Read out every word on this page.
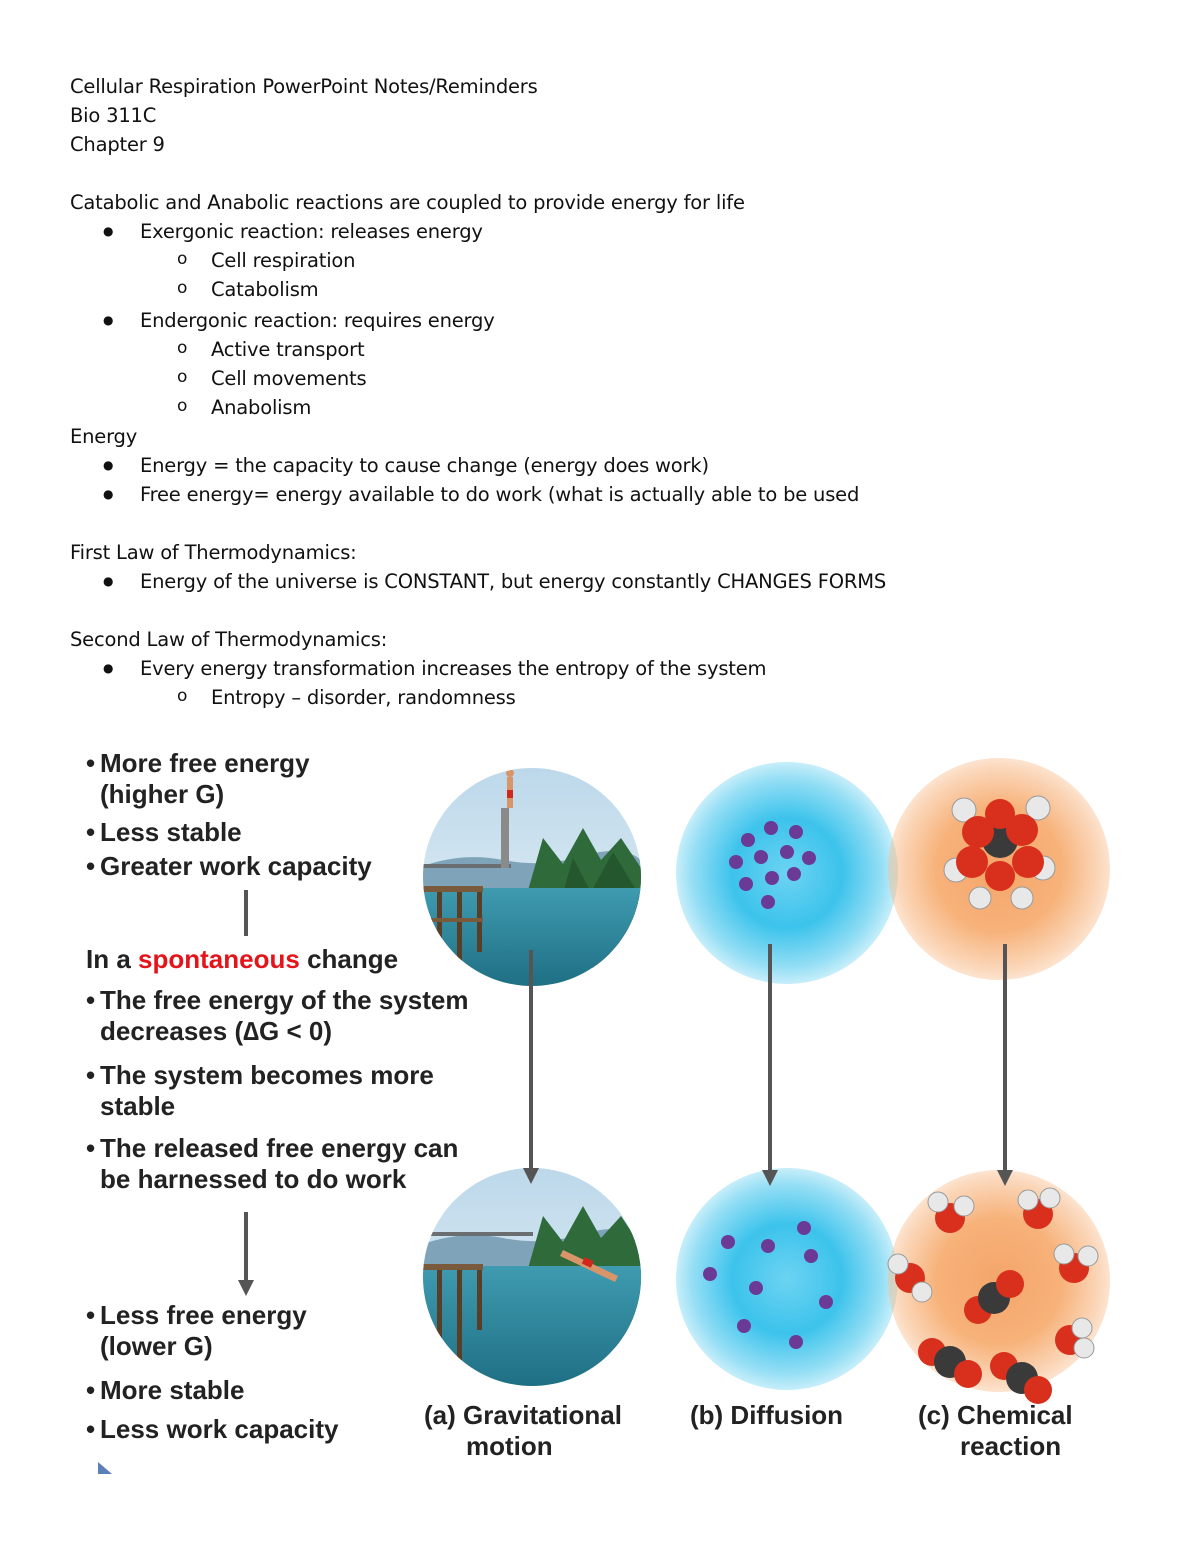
Cellular Respiration PowerPoint Notes/Reminders
Bio 311C
Chapter 9
Catabolic and Anabolic reactions are coupled to provide energy for life
● Exergonic reaction: releases energy
o Cell respiration
o Catabolism
● Endergonic reaction: requires energy
o Active transport
o Cell movements
o Anabolism
Energy
● Energy = the capacity to cause change (energy does work)
● Free energy= energy available to do work (what is actually able to be used
First Law of Thermodynamics:
● Energy of the universe is CONSTANT, but energy constantly CHANGES FORMS
Second Law of Thermodynamics:
● Every energy transformation increases the entropy of the system
o Entropy – disorder, randomness
• More free energy
(higher G)
• Less stable
• Greater work capacity
In a spontaneous change
• The free energy of the system
decreases (∆G < 0)
• The system becomes more
stable
• The released free energy can
be harnessed to do work
• Less free energy
(lower G)
• More stable
• Less work capacity	(a) Gravitational
motion
(b) Diffusion	(c) Chemical
reaction
